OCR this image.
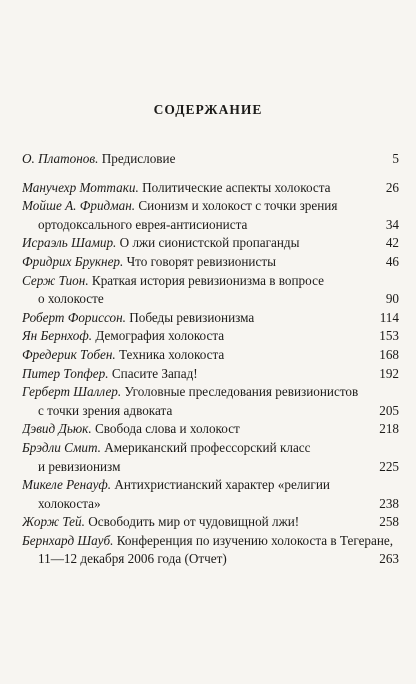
СОДЕРЖАНИЕ
О. Платонов. Предисловие	5
Манучехр Моттаки. Политические аспекты холокоста	26
Мойше А. Фридман. Сионизм и холокост с точки зрения
ортодоксального еврея-антисиониста	34
Исраэль Шамир. О лжи сионистской пропаганды	42
Фридрих Брукнер. Что говорят ревизионисты	46
Серж Тион. Краткая история ревизионизма в вопросе
о холокосте	90
Роберт Фориссон. Победы ревизионизма	114
Ян Бернхоф. Демография холокоста	153
Фредерик Тобен. Техника холокоста	168
Питер Топфер. Спасите Запад!	192
Герберт Шаллер. Уголовные преследования ревизионистов
с точки зрения адвоката	205
Дэвид Дьюк. Свобода слова и холокост	218
Брэдли Смит. Американский профессорский класс
и ревизионизм	225
Микеле Ренауф. Антихристианский характер «религии
холокоста»	238
Жорж Тей. Освободить мир от чудовищной лжи!	258
Бернхард Шауб. Конференция по изучению холокоста в Тегеране,
11—12 декабря 2006 года (Отчет)	263
